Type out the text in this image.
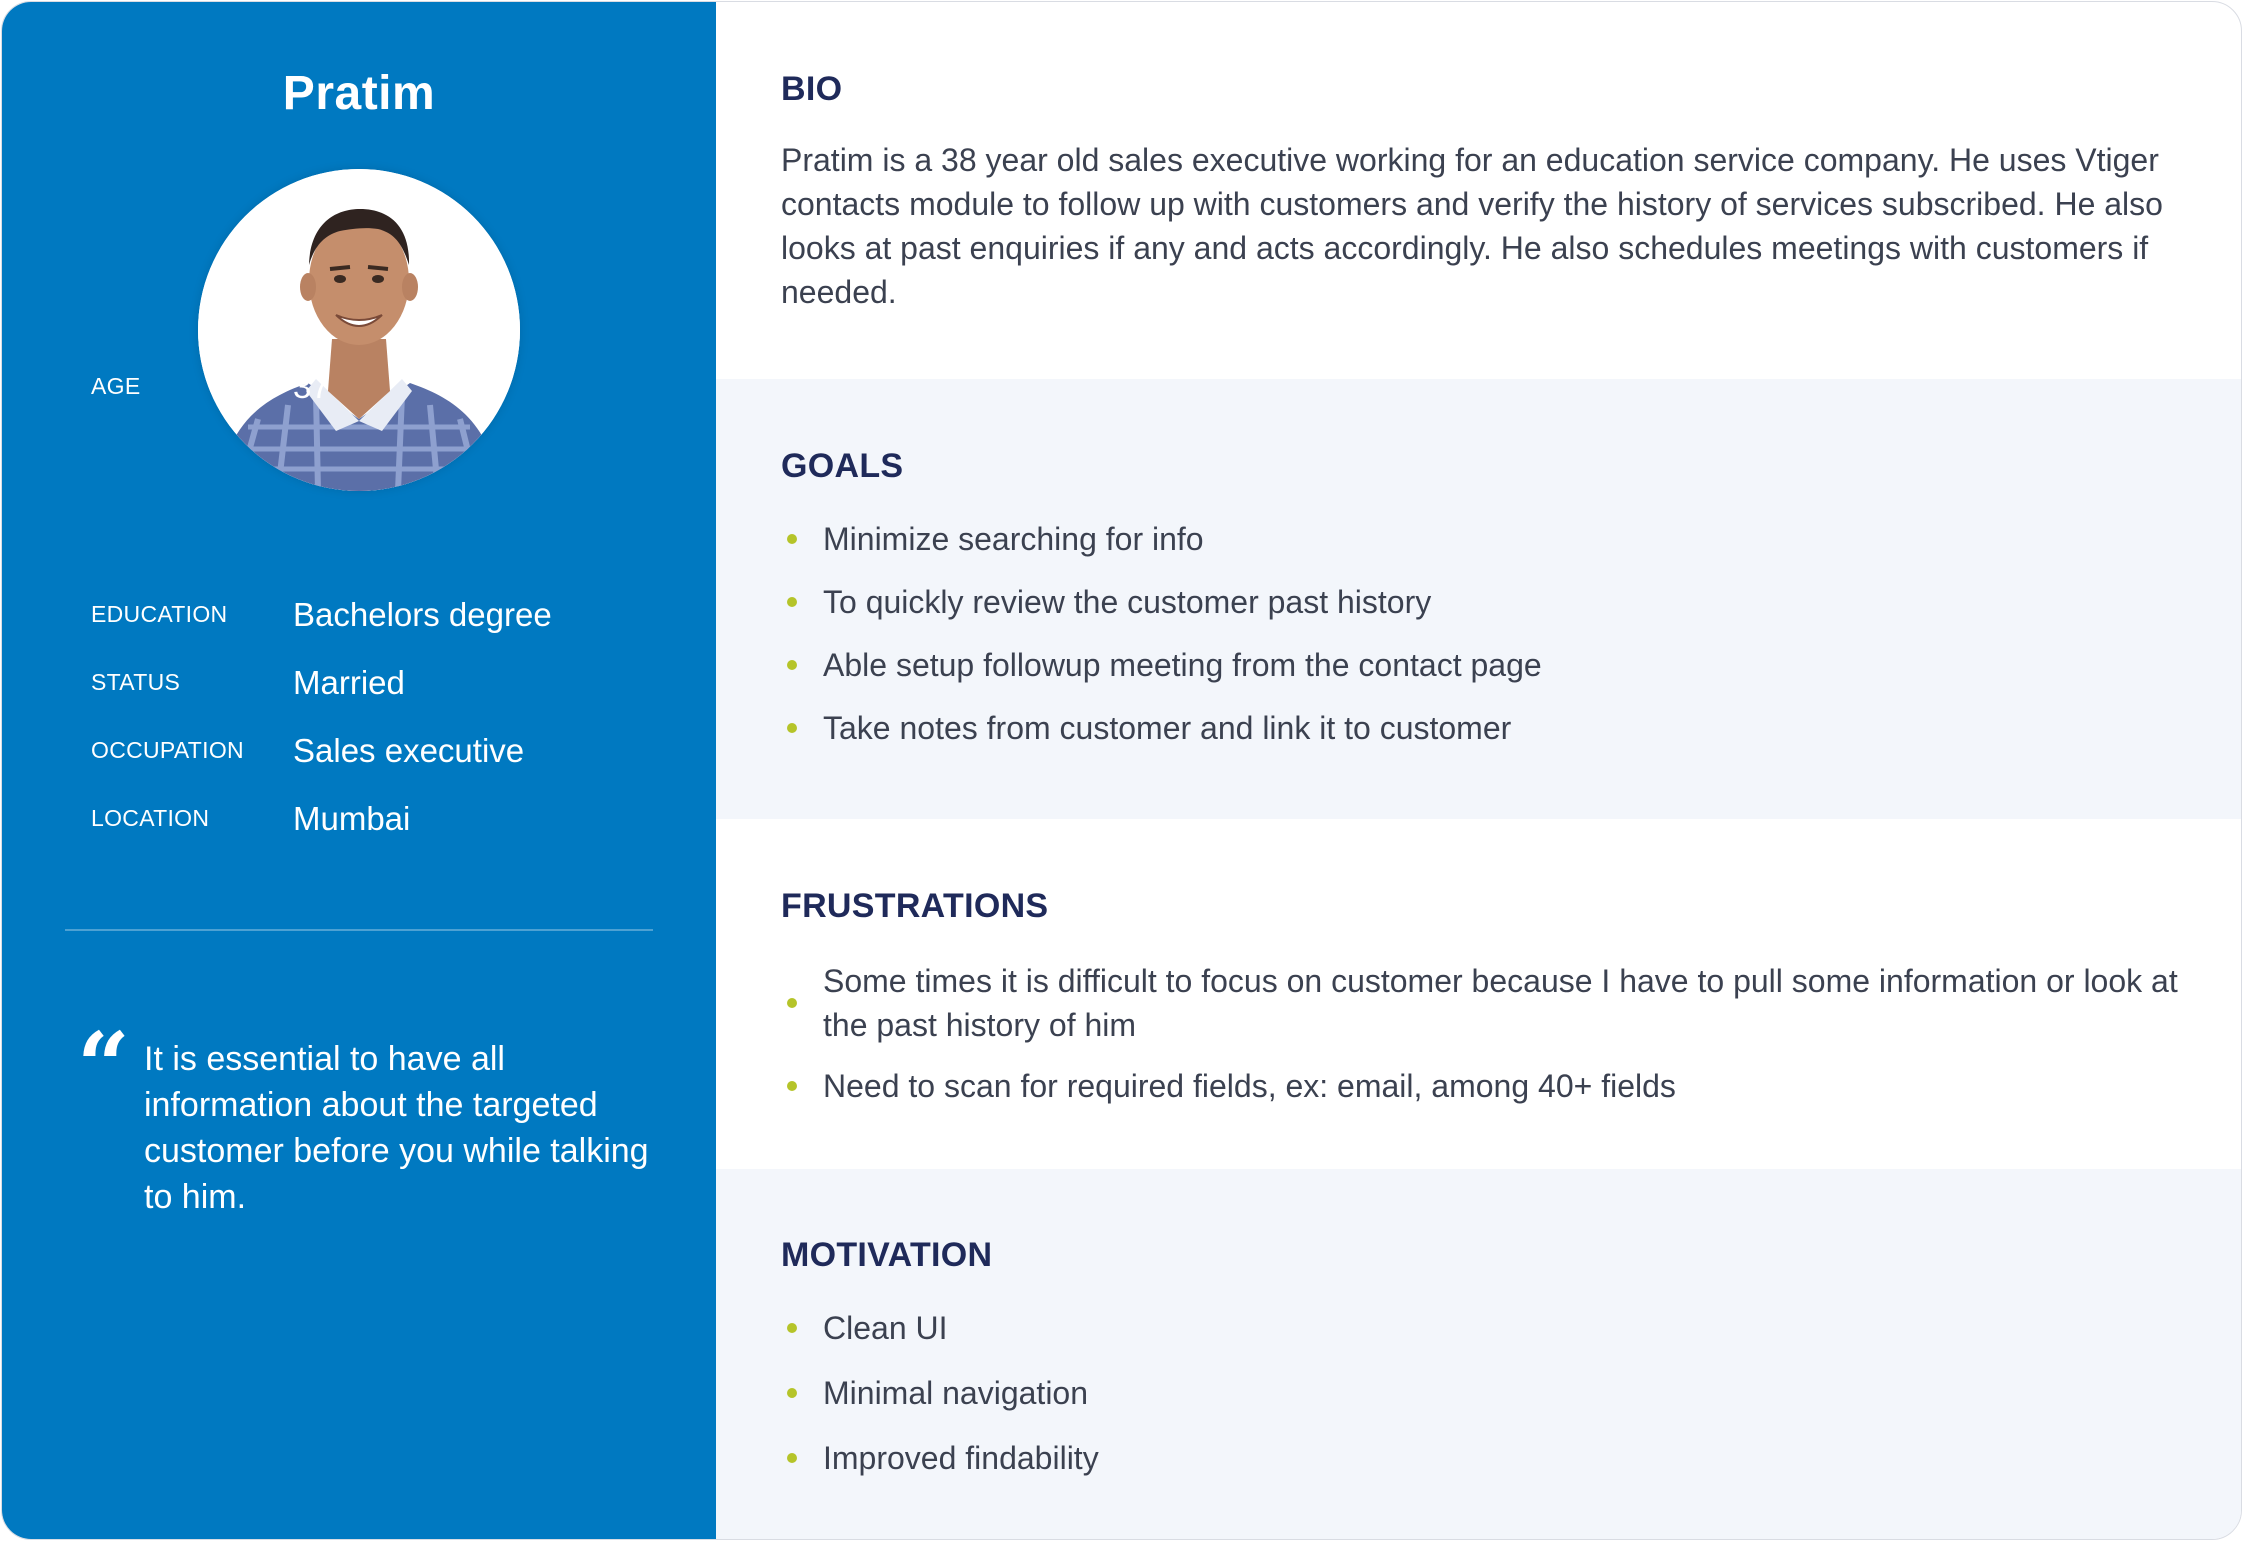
Pratim
AGE	37
EDUCATION Bachelors degree
STATUS	Married
OCCUPATION Sales executive
LOCATION	Mumbai
“ It is essential to have all information about the targeted customer before you while talking to him.
BIO
Pratim is a 38 year old sales executive working for an education service company. He uses Vtiger contacts module to follow up with customers and verify the history of services subscribed. He also looks at past enquiries if any and acts accordingly. He also schedules meetings with customers if needed.
GOALS
Minimize searching for info
To quickly review the customer past history
Able setup followup meeting from the contact page
Take notes from customer and link it to customer
FRUSTRATIONS
Some times it is difficult to focus on customer because I have to pull some information or look at the past history of him
Need to scan for required fields, ex: email, among 40+ fields
MOTIVATION
Clean UI
Minimal navigation
Improved findability
